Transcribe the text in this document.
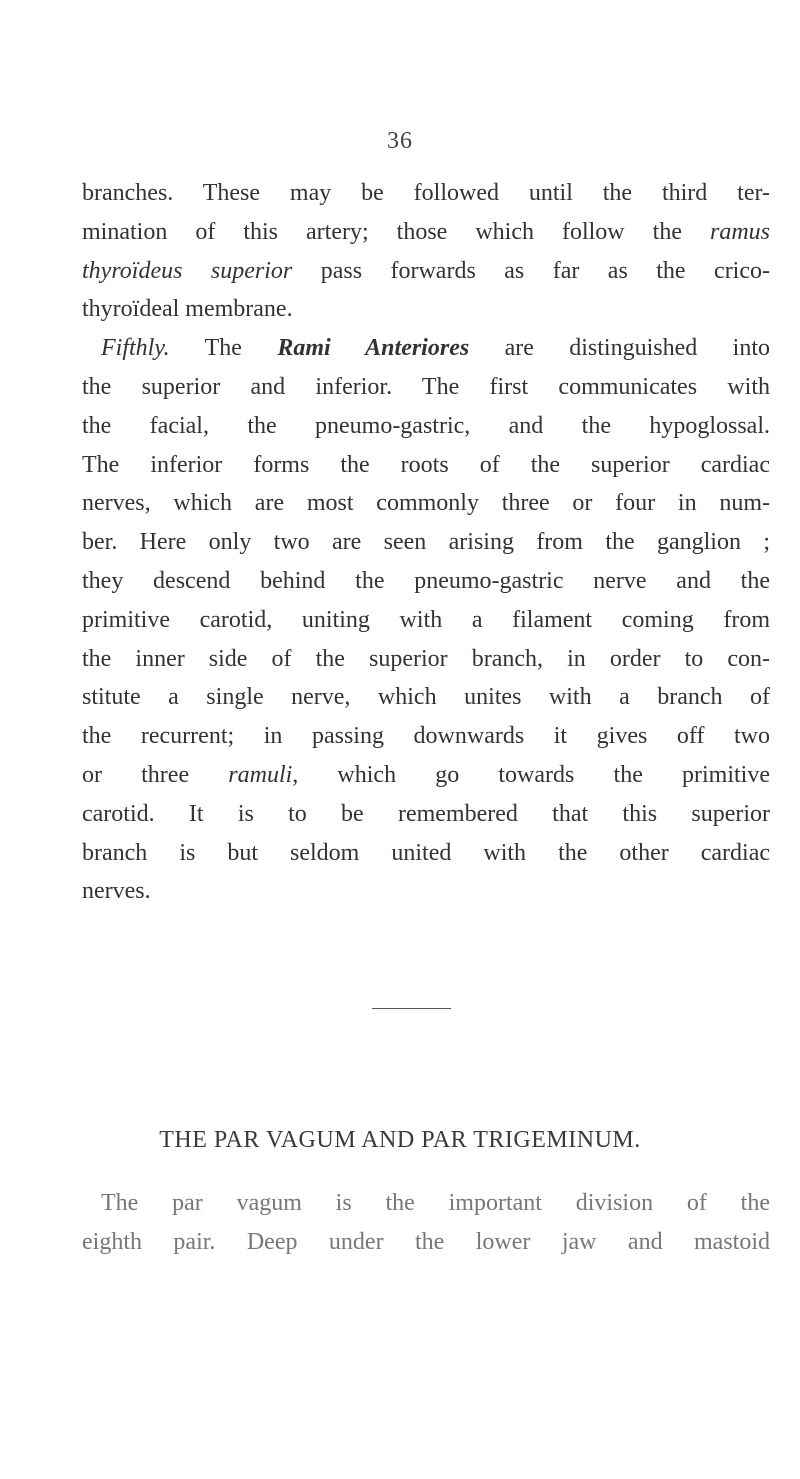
36
branches. These may be followed until the third ter-
mination of this artery; those which follow the ramus
thyroïdeus superior pass forwards as far as the crico-
thyroïdeal membrane.
Fifthly. The Rami Anteriores are distinguished into
the superior and inferior. The first communicates with
the facial, the pneumo-gastric, and the hypoglossal.
The inferior forms the roots of the superior cardiac
nerves, which are most commonly three or four in num-
ber. Here only two are seen arising from the ganglion ;
they descend behind the pneumo-gastric nerve and the
primitive carotid, uniting with a filament coming from
the inner side of the superior branch, in order to con-
stitute a single nerve, which unites with a branch of
the recurrent; in passing downwards it gives off two
or three ramuli, which go towards the primitive
carotid. It is to be remembered that this superior
branch is but seldom united with the other cardiac
nerves.
THE PAR VAGUM AND PAR TRIGEMINUM.
The par vagum is the important division of the
eighth pair. Deep under the lower jaw and mastoid
